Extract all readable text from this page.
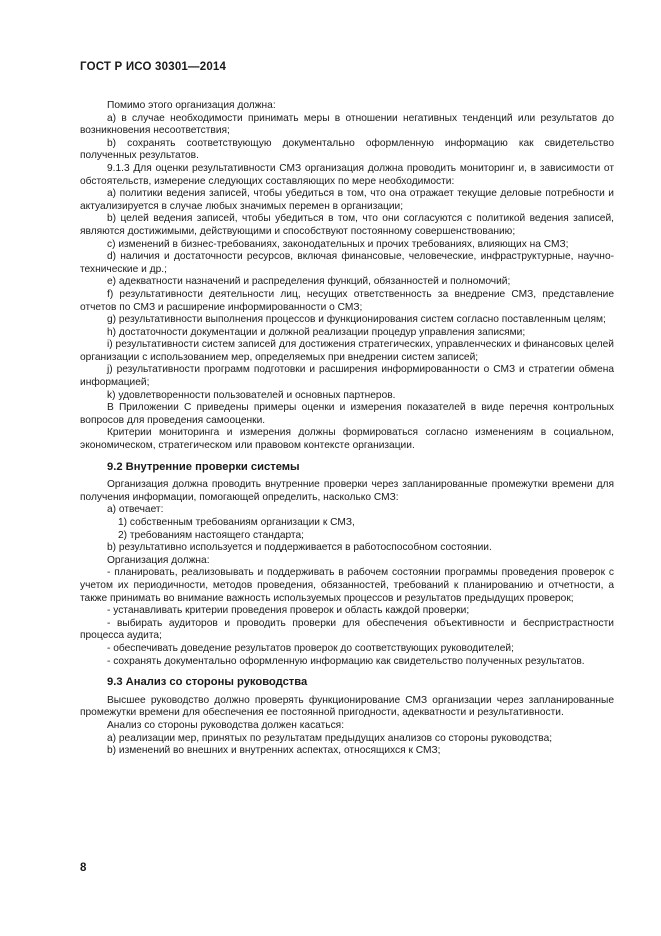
ГОСТ Р ИСО 30301—2014

Помимо этого организация должна:

a) в случае необходимости принимать меры в отношении негативных тенденций или результатов до возникновения несоответствия;

b) сохранять соответствующую документально оформленную информацию как свидетельство полученных результатов.

9.1.3 Для оценки результативности СМЗ организация должна проводить мониторинг и, в зависимости от обстоятельств, измерение следующих составляющих по мере необходимости:

a) политики ведения записей, чтобы убедиться в том, что она отражает текущие деловые потребности и актуализируется в случае любых значимых перемен в организации;

b) целей ведения записей, чтобы убедиться в том, что они согласуются с политикой ведения записей, являются достижимыми, действующими и способствуют постоянному совершенствованию;

c) изменений в бизнес-требованиях, законодательных и прочих требованиях, влияющих на СМЗ;

d) наличия и достаточности ресурсов, включая финансовые, человеческие, инфраструктурные, научно-технические и др.;

e) адекватности назначений и распределения функций, обязанностей и полномочий;

f) результативности деятельности лиц, несущих ответственность за внедрение СМЗ, представление отчетов по СМЗ и расширение информированности о СМЗ;

g) результативности выполнения процессов и функционирования систем согласно поставленным целям;

h) достаточности документации и должной реализации процедур управления записями;

i) результативности систем записей для достижения стратегических, управленческих и финансовых целей организации с использованием мер, определяемых при внедрении систем записей;

j) результативности программ подготовки и расширения информированности о СМЗ и стратегии обмена информацией;

k) удовлетворенности пользователей и основных партнеров.

В Приложении С приведены примеры оценки и измерения показателей в виде перечня контрольных вопросов для проведения самооценки.

Критерии мониторинга и измерения должны формироваться согласно изменениям в социальном, экономическом, стратегическом или правовом контексте организации.

9.2 Внутренние проверки системы

Организация должна проводить внутренние проверки через запланированные промежутки времени для получения информации, помогающей определить, насколько СМЗ:

a) отвечает:

1) собственным требованиям организации к СМЗ,

2) требованиям настоящего стандарта;

b) результативно используется и поддерживается в работоспособном состоянии.

Организация должна:

- планировать, реализовывать и поддерживать в рабочем состоянии программы проведения проверок с учетом их периодичности, методов проведения, обязанностей, требований к планированию и отчетности, а также принимать во внимание важность используемых процессов и результатов предыдущих проверок;

- устанавливать критерии проведения проверок и область каждой проверки;

- выбирать аудиторов и проводить проверки для обеспечения объективности и беспристрастности процесса аудита;

- обеспечивать доведение результатов проверок до соответствующих руководителей;

- сохранять документально оформленную информацию как свидетельство полученных результатов.

9.3 Анализ со стороны руководства

Высшее руководство должно проверять функционирование СМЗ организации через запланированные промежутки времени для обеспечения ее постоянной пригодности, адекватности и результативности.

Анализ со стороны руководства должен касаться:

a) реализации мер, принятых по результатам предыдущих анализов со стороны руководства;

b) изменений во внешних и внутренних аспектах, относящихся к СМЗ;

8
